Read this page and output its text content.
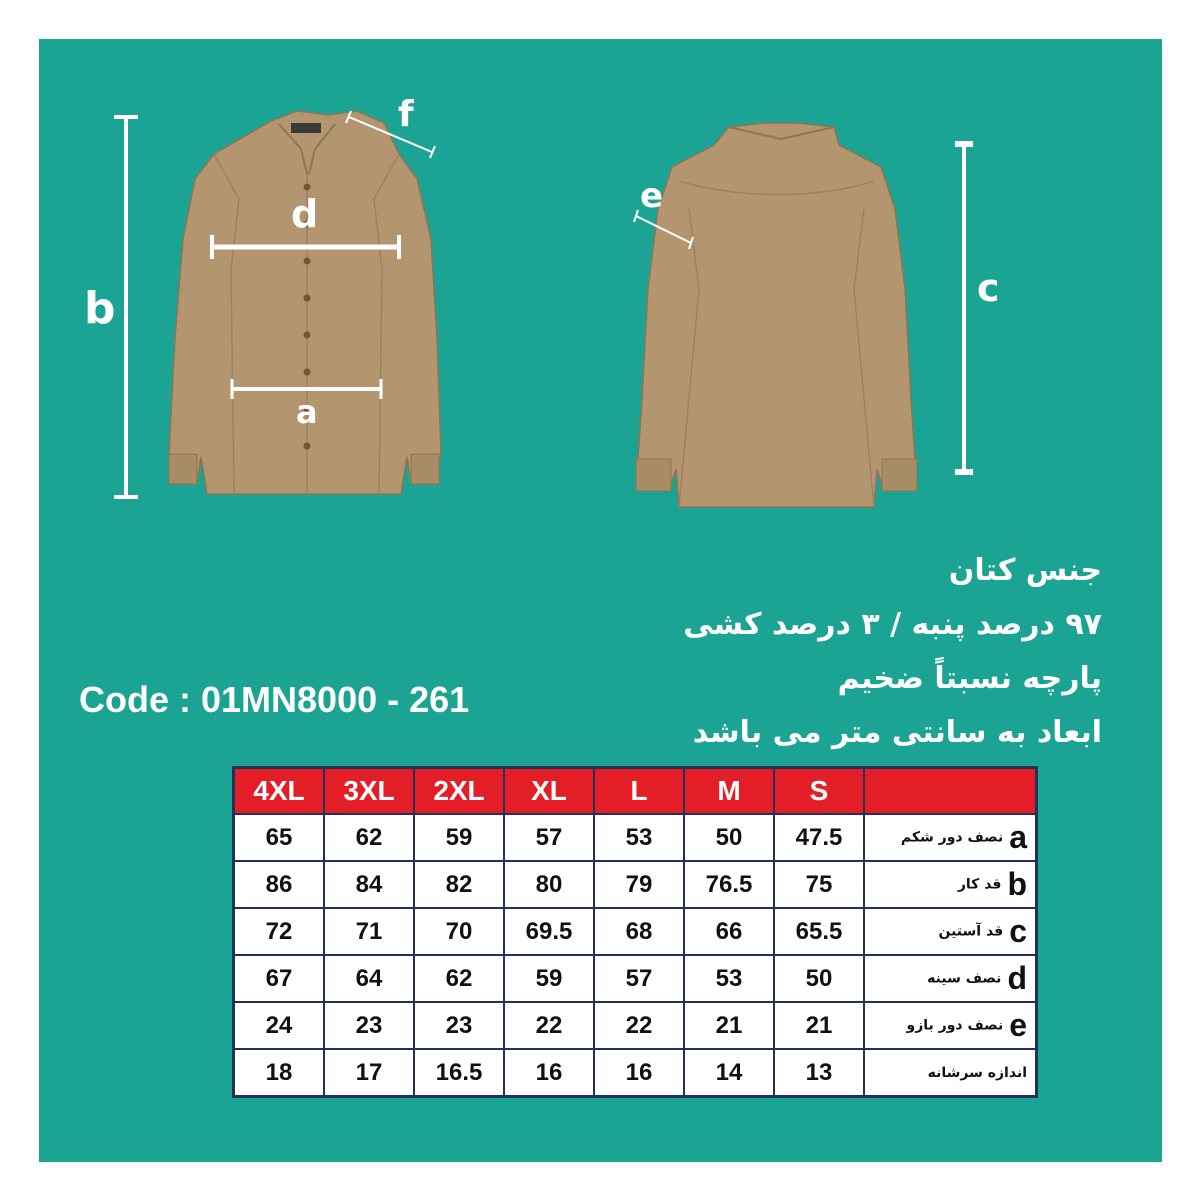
b
d
a
f
e
c
جنس کتان
۹۷ درصد پنبه / ۳ درصد کشی
پارچه نسبتاً ضخیم
ابعاد به سانتی متر می باشد
Code : 01MN8000 - 261
4XL	3XL	2XL	XL	L	M	S	
65	62	59	57	53	50	47.5	aنصف دور شکم
86	84	82	80	79	76.5	75	bقد کار
72	71	70	69.5	68	66	65.5	cقد آستین
67	64	62	59	57	53	50	dنصف سینه
24	23	23	22	22	21	21	eنصف دور بازو
18	17	16.5	16	16	14	13	اندازه سرشانه
